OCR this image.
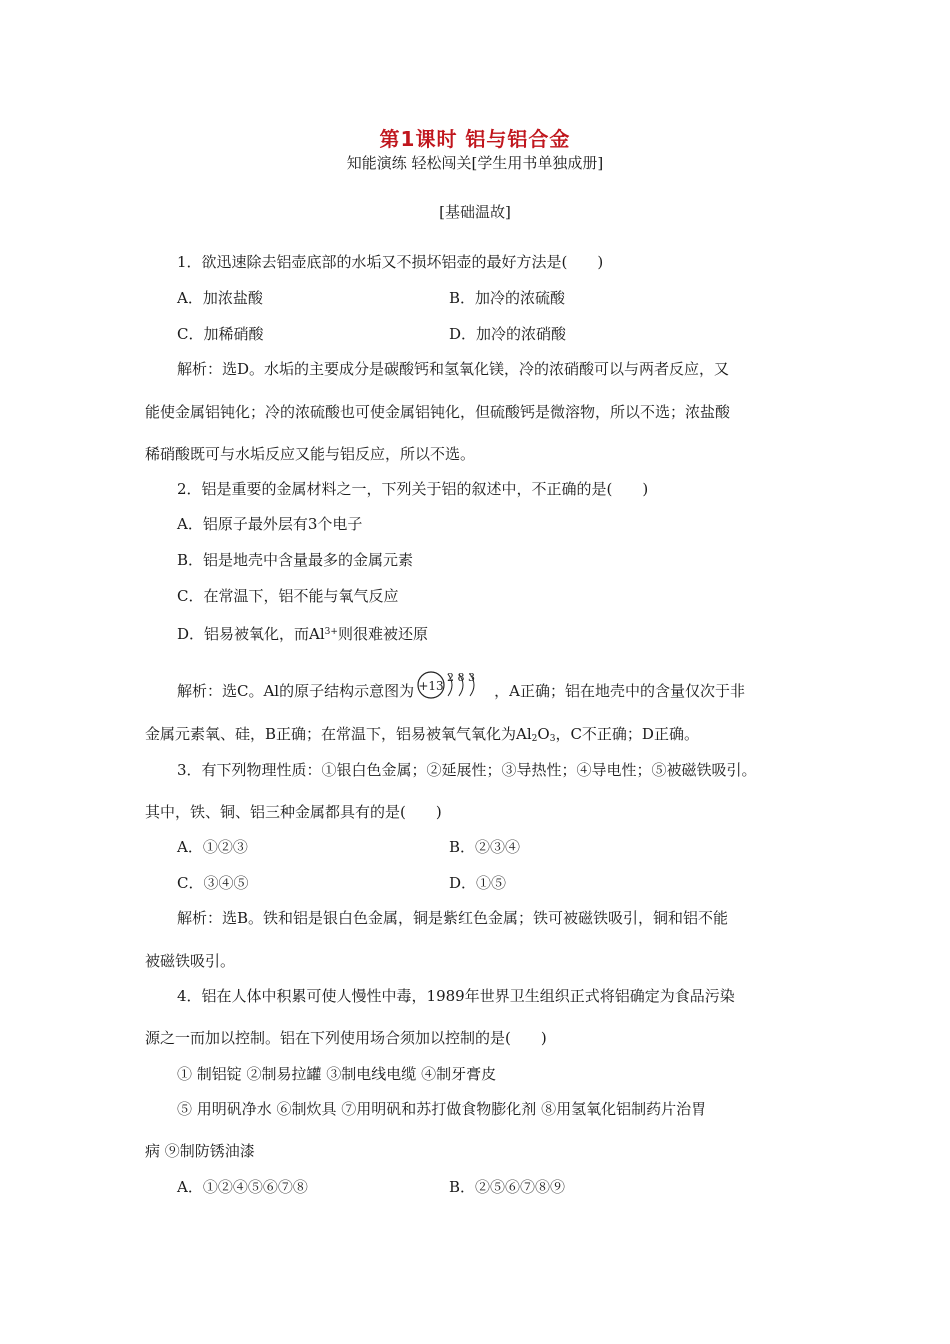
第1课时 铝与铝合金
知能演练 轻松闯关[学生用书单独成册]
[基础温故]
1．欲迅速除去铝壶底部的水垢又不损坏铝壶的最好方法是(　　)
A．加浓盐酸	B．加冷的浓硫酸
C．加稀硝酸	D．加冷的浓硝酸
解析：选D。水垢的主要成分是碳酸钙和氢氧化镁，冷的浓硝酸可以与两者反应，又
能使金属铝钝化；冷的浓硫酸也可使金属铝钝化，但硫酸钙是微溶物，所以不选；浓盐酸
稀硝酸既可与水垢反应又能与铝反应，所以不选。
2．铝是重要的金属材料之一，下列关于铝的叙述中，不正确的是(　　)
A．铝原子最外层有3个电子
B．铝是地壳中含量最多的金属元素
C．在常温下，铝不能与氧气反应
D．铝易被氧化，而$Al^{3+}$则很难被还原
解析：选C。Al的原子结构示意图为 +13
2 8 3
，A正确；铝在地壳中的含量仅次于非
金属元素氧、硅，B正确；在常温下，铝易被氧气氧化为$Al_2O_3$，C不正确；D正确。
3．有下列物理性质：①银白色金属；②延展性；③导热性；④导电性；⑤被磁铁吸引。
其中，铁、铜、铝三种金属都具有的是(　　)
A．①②③	B．②③④
C．③④⑤	D．①⑤
解析：选B。铁和铝是银白色金属，铜是紫红色金属；铁可被磁铁吸引，铜和铝不能
被磁铁吸引。
4．铝在人体中积累可使人慢性中毒，1989年世界卫生组织正式将铝确定为食品污染
源之一而加以控制。铝在下列使用场合须加以控制的是(　　)
① 制铝锭 ②制易拉罐 ③制电线电缆 ④制牙膏皮
⑤ 用明矾净水 ⑥制炊具 ⑦用明矾和苏打做食物膨化剂 ⑧用氢氧化铝制药片治胃
病 ⑨制防锈油漆
A．①②④⑤⑥⑦⑧	B．②⑤⑥⑦⑧⑨
